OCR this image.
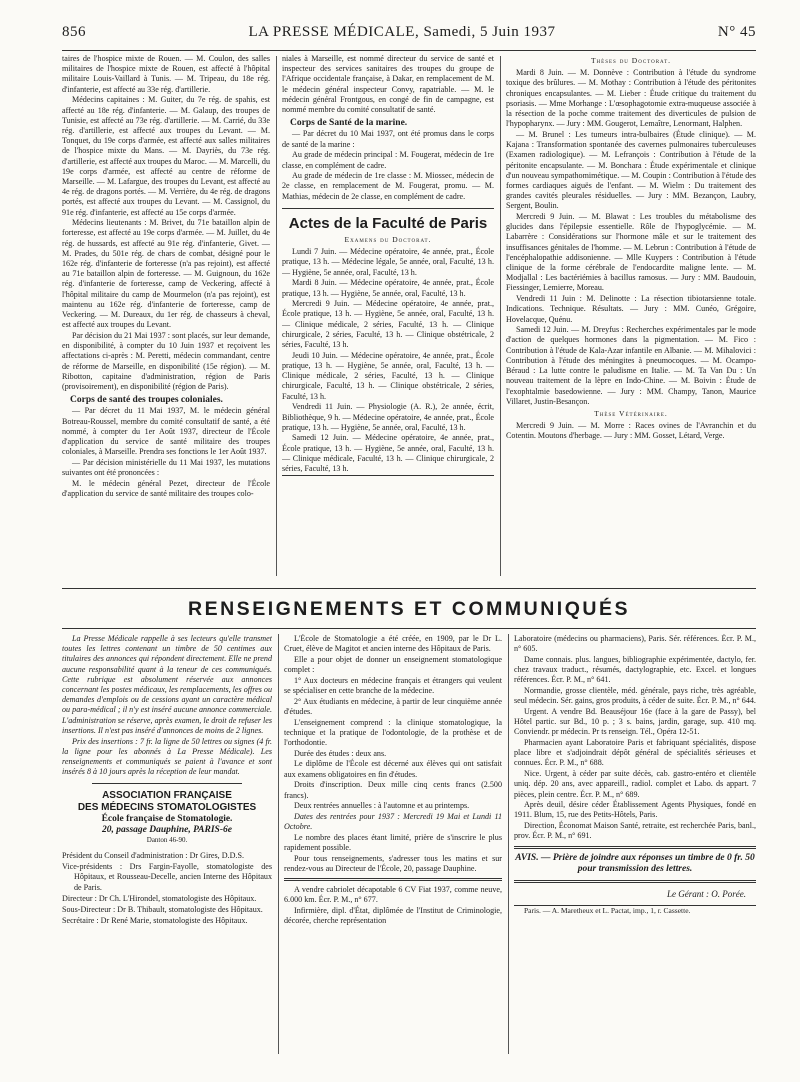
856	LA PRESSE MÉDICALE, Samedi, 5 Juin 1937	N° 45

taires de l'hospice mixte de Rouen. — M. Coulon, des salles militaires de l'hospice mixte de Rouen, est affecté à l'hôpital militaire Louis-Vaillard à Tunis. — M. Tripeau, du 18e rég. d'infanterie, est affecté au 33e rég. d'artillerie.

Médecins capitaines : M. Guiter, du 7e rég. de spahis, est affecté au 18e rég. d'infanterie. — M. Galaup, des troupes de Tunisie, est affecté au 73e rég. d'artillerie. — M. Carrié, du 33e rég. d'artillerie, est affecté aux troupes du Levant. — M. Tonquet, du 19e corps d'armée, est affecté aux salles militaires de l'hospice mixte du Mans. — M. Dayriès, du 73e rég. d'artillerie, est affecté aux troupes du Maroc. — M. Marcelli, du 19e corps d'armée, est affecté au centre de réforme de Marseille. — M. Lafargue, des troupes du Levant, est affecté au 4e rég. de dragons portés. — M. Verrière, du 4e rég. de dragons portés, est affecté aux troupes du Levant. — M. Cassignol, du 91e rég. d'infanterie, est affecté au 15e corps d'armée.

Médecins lieutenants : M. Brivet, du 71e bataillon alpin de forteresse, est affecté au 19e corps d'armée. — M. Juillet, du 4e rég. de hussards, est affecté au 91e rég. d'infanterie, Givet. — M. Prades, du 501e rég. de chars de combat, désigné pour le 162e rég. d'infanterie de forteresse (n'a pas rejoint), est affecté au 71e bataillon alpin de forteresse. — M. Guignoun, du 162e rég. d'infanterie de forteresse, camp de Veckering, affecté à l'hôpital militaire du camp de Mourmelon (n'a pas rejoint), est maintenu au 162e rég. d'infanterie de forteresse, camp de Veckering. — M. Dureaux, du 1er rég. de chasseurs à cheval, est affecté aux troupes du Levant.

Par décision du 21 Mai 1937 : sont placés, sur leur demande, en disponibilité, à compter du 10 Juin 1937 et reçoivent les affectations ci-après : M. Peretti, médecin commandant, centre de réforme de Marseille, en disponibilité (15e région). — M. Ribotton, capitaine d'administration, région de Paris (provisoirement), en disponibilité (région de Paris).

Corps de santé des troupes coloniales.

— Par décret du 11 Mai 1937, M. le médecin général Botreau-Roussel, membre du comité consultatif de santé, a été nommé, à compter du 1er Août 1937, directeur de l'École d'application du service de santé militaire des troupes coloniales, à Marseille. Prendra ses fonctions le 1er Août 1937.

— Par décision ministérielle du 11 Mai 1937, les mutations suivantes ont été prononcées :

M. le médecin général Pezet, directeur de l'École d'application du service de santé militaire des troupes colo-

niales à Marseille, est nommé directeur du service de santé et inspecteur des services sanitaires des troupes du groupe de l'Afrique occidentale française, à Dakar, en remplacement de M. le médecin général inspecteur Convy, rapatriable. — M. le médecin général Frontgous, en congé de fin de campagne, est nommé membre du comité consultatif de santé.

Corps de Santé de la marine.

— Par décret du 10 Mai 1937, ont été promus dans le corps de santé de la marine :

Au grade de médecin principal : M. Fougerat, médecin de 1re classe, en complément de cadre.

Au grade de médecin de 1re classe : M. Miossec, médecin de 2e classe, en remplacement de M. Fougerat, promu. — M. Mathias, médecin de 2e classe, en complément de cadre.

Actes de la Faculté de Paris
Examens du Doctorat.

Lundi 7 Juin. — Médecine opératoire, 4e année, prat., École pratique, 13 h. — Médecine légale, 5e année, oral, Faculté, 13 h. — Hygiène, 5e année, oral, Faculté, 13 h.

Mardi 8 Juin. — Médecine opératoire, 4e année, prat., École pratique, 13 h. — Hygiène, 5e année, oral, Faculté, 13 h.

Mercredi 9 Juin. — Médecine opératoire, 4e année, prat., École pratique, 13 h. — Hygiène, 5e année, oral, Faculté, 13 h. — Clinique médicale, 2 séries, Faculté, 13 h. — Clinique chirurgicale, 2 séries, Faculté, 13 h. — Clinique obstétricale, 2 séries, Faculté, 13 h.

Jeudi 10 Juin. — Médecine opératoire, 4e année, prat., École pratique, 13 h. — Hygiène, 5e année, oral, Faculté, 13 h. — Clinique médicale, 2 séries, Faculté, 13 h. — Clinique chirurgicale, Faculté, 13 h. — Clinique obstétricale, 2 séries, Faculté, 13 h.

Vendredi 11 Juin. — Physiologie (A. R.), 2e année, écrit, Bibliothèque, 9 h. — Médecine opératoire, 4e année, prat., École pratique, 13 h. — Hygiène, 5e année, oral, Faculté, 13 h.

Samedi 12 Juin. — Médecine opératoire, 4e année, prat., École pratique, 13 h. — Hygiène, 5e année, oral, Faculté, 13 h. — Clinique médicale, Faculté, 13 h. — Clinique chirurgicale, 2 séries, Faculté, 13 h.

Thèses du Doctorat.

Mardi 8 Juin. — M. Donnève : Contribution à l'étude du syndrome toxique des brûlures. — M. Mothay : Contribution à l'étude des péritonites chroniques encapsulantes. — M. Lieber : Étude critique du traitement du psoriasis. — Mme Morhange : L'œsophagotomie extra-muqueuse associée à la résection de la poche comme traitement des diverticules de pulsion de l'hypopharynx. — Jury : MM. Gougerot, Lemaître, Lenormant, Halphen.

— M. Brunel : Les tumeurs intra-bulbaires (Étude clinique). — M. Kajana : Transformation spontanée des cavernes pulmonaires tuberculeuses (Examen radiologique). — M. Lefrançois : Contribution à l'étude de la péritonite encapsulante. — M. Bonchara : Étude expérimentale et clinique d'un nouveau sympathomimétique. — M. Coupin : Contribution à l'étude des formes cardiaques aiguës de l'enfant. — M. Wielm : Du traitement des grandes cavités pleurales résiduelles. — Jury : MM. Bezançon, Laubry, Sergent, Boulin.

Mercredi 9 Juin. — M. Blawat : Les troubles du métabolisme des glucides dans l'épilepsie essentielle. Rôle de l'hypoglycémie. — M. Labarrère : Considérations sur l'hormone mâle et sur le traitement des insuffisances génitales de l'homme. — M. Lebrun : Contribution à l'étude de l'encéphalopathie addisonienne. — Mlle Kuypers : Contribution à l'étude clinique de la forme cérébrale de l'endocardite maligne lente. — M. Modjallal : Les bactériémies à bacillus ramosus. — Jury : MM. Baudouin, Fiessinger, Lemierre, Moreau.

Vendredi 11 Juin : M. Delinotte : La résection tibiotarsienne totale. Indications. Technique. Résultats. — Jury : MM. Cunéo, Grégoire, Hovelacque, Quénu.

Samedi 12 Juin. — M. Dreyfus : Recherches expérimentales par le mode d'action de quelques hormones dans la pigmentation. — M. Fico : Contribution à l'étude de Kala-Azar infantile en Albanie. — M. Mihalovici : Contribution à l'étude des méningites à pneumocoques. — M. Ocampo-Béraud : La lutte contre le paludisme en Italie. — M. Ta Van Du : Un nouveau traitement de la lèpre en Indo-Chine. — M. Boivin : Étude de l'exophtalmie basedowienne. — Jury : MM. Champy, Tanon, Maurice Villaret, Justin-Besançon.

Thèse Vétérinaire.

Mercredi 9 Juin. — M. Morre : Races ovines de l'Avranchin et du Cotentin. Moutons d'herbage. — Jury : MM. Gosset, Létard, Verge.

RENSEIGNEMENTS ET COMMUNIQUÉS

La Presse Médicale rappelle à ses lecteurs qu'elle transmet toutes les lettres contenant un timbre de 50 centimes aux titulaires des annonces qui répondent directement. Elle ne prend aucune responsabilité quant à la teneur de ces communiqués. Cette rubrique est absolument réservée aux annonces concernant les postes médicaux, les remplacements, les offres ou demandes d'emplois ou de cessions ayant un caractère médical ou para-médical ; il n'y est inséré aucune annonce commerciale. L'administration se réserve, après examen, le droit de refuser les insertions. Il n'est pas inséré d'annonces de moins de 2 lignes.

Prix des insertions : 7 fr. la ligne de 50 lettres ou signes (4 fr. la ligne pour les abonnés à La Presse Médicale). Les renseignements et communiqués se paient à l'avance et sont insérés 8 à 10 jours après la réception de leur mandat.

ASSOCIATION FRANÇAISE
DES MÉDECINS STOMATOLOGISTES
École française de Stomatologie.
20, passage Dauphine, PARIS-6e
Danton 46-90.

Président du Conseil d'administration : Dr Gires, D.D.S.

Vice-présidents : Drs Fargin-Fayolle, stomatologiste des Hôpitaux, et Rousseau-Decelle, ancien Interne des Hôpitaux de Paris.

Directeur : Dr Ch. L'Hirondel, stomatologiste des Hôpitaux.

Sous-Directeur : Dr B. Thibault, stomatologiste des Hôpitaux.

Secrétaire : Dr René Marie, stomatologiste des Hôpitaux.

L'École de Stomatologie a été créée, en 1909, par le Dr L. Cruet, élève de Magitot et ancien interne des Hôpitaux de Paris.

Elle a pour objet de donner un enseignement stomatologique complet :

1° Aux docteurs en médecine français et étrangers qui veulent se spécialiser en cette branche de la médecine.

2° Aux étudiants en médecine, à partir de leur cinquième année d'études.

L'enseignement comprend : la clinique stomatologique, la technique et la pratique de l'odontologie, de la prothèse et de l'orthodontie.

Durée des études : deux ans.

Le diplôme de l'École est décerné aux élèves qui ont satisfait aux examens obligatoires en fin d'études.

Droits d'inscription. Deux mille cinq cents francs (2.500 francs).

Deux rentrées annuelles : à l'automne et au printemps.

Dates des rentrées pour 1937 : Mercredi 19 Mai et Lundi 11 Octobre.

Le nombre des places étant limité, prière de s'inscrire le plus rapidement possible.

Pour tous renseignements, s'adresser tous les matins et sur rendez-vous au Directeur de l'École, 20, passage Dauphine.

A vendre cabriolet décapotable 6 CV Fiat 1937, comme neuve, 6.000 km. Écr. P. M., n° 677.

Infirmière, dipl. d'État, diplômée de l'Institut de Criminologie, décorée, cherche représentation

Laboratoire (médecins ou pharmaciens), Paris. Sér. références. Écr. P. M., n° 605.

Dame connais. plus. langues, bibliographie expérimentée, dactylo, fer. chez travaux traduct., résumés, dactylographie, etc. Excel. et longues références. Écr. P. M., n° 641.

Normandie, grosse clientèle, méd. générale, pays riche, très agréable, seul médecin. Sér. gains, gros produits, à céder de suite. Écr. P. M., n° 644.

Urgent. A vendre Bd. Beauséjour 16e (face à la gare de Passy), bel Hôtel partic. sur Bd., 10 p. ; 3 s. bains, jardin, garage, sup. 410 mq. Conviendr. pr médecin. Pr ts renseign. Tél., Opéra 12-51.

Pharmacien ayant Laboratoire Paris et fabriquant spécialités, dispose place libre et s'adjoindrait dépôt général de spécialités sérieuses et connues. Écr. P. M., n° 688.

Nice. Urgent, à céder par suite décès, cab. gastro-entéro et clientèle uniq. dép. 20 ans, avec appareill., radiol. complet et Labo. ds appart. 7 pièces, plein centre. Écr. P. M., n° 689.

Après deuil, désire céder Établissement Agents Physiques, fondé en 1911. Blum, 15, rue des Petits-Hôtels, Paris.

Direction, Économat Maison Santé, retraite, est recherchée Paris, banl., prov. Écr. P. M., n° 691.

AVIS. — Prière de joindre aux réponses un timbre de 0 fr. 50 pour transmission des lettres.
Le Gérant : O. Porée.

Paris. — A. Maretheux et L. Pactat, imp., 1, r. Cassette.
